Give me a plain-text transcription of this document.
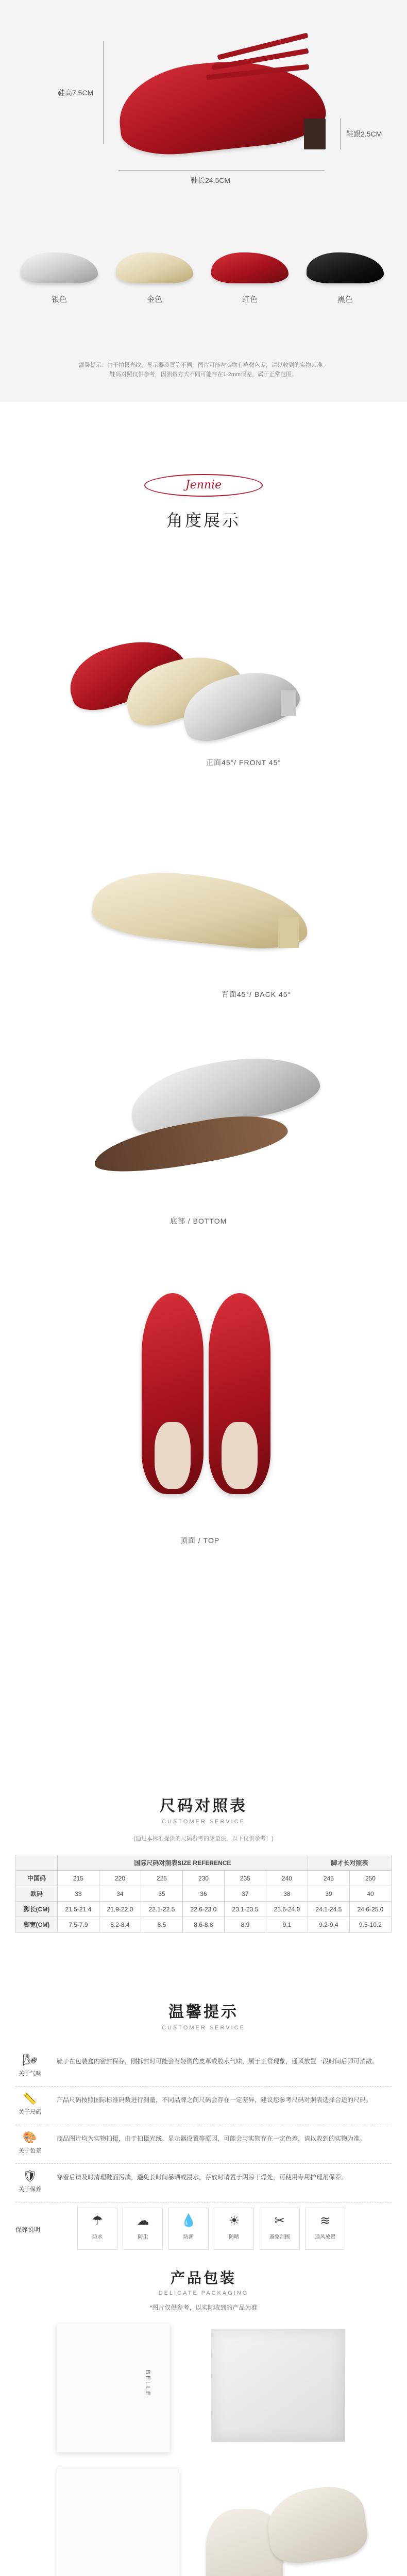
鞋高7.5CM
鞋跟2.5CM
鞋长24.5CM
银色	金色	红色	黑色
温馨提示：由于拍摄光线、显示器设置等不同，图片可能与实物有略微色差，请以收到的实物为准。
鞋码对照仅供参考，因测量方式不同可能存在1-2mm误差，属于正常范围。
Jennie
角度展示
正面45°/ FRONT 45°
背面45°/ BACK 45°
底部 / BOTTOM
顶面 / TOP
尺码对照表
CUSTOMER SERVICE
(通过本标准提供的尺码参考的测量法，以下仅供参考！)
	国际尺码对照表SIZE REFERENCE						脚才长对照表	
中国码	215	220	225	230	235	240	245	250
欧码	33	34	35	36	37	38	39	40
脚长(CM)	21.5-21.4	21.9-22.0	22.1-22.5	22.6-23.0	23.1-23.5	23.6-24.0	24.1-24.5	24.6-25.0
脚宽(CM)	7.5-7.9	8.2-8.4	8.5	8.6-8.8	8.9	9.1	9.2-9.4	9.5-10.2
温馨提示
CUSTOMER SERVICE
🌬
关于气味
鞋子在包装盒内密封保存，刚拆封时可能会有轻微的皮革或胶水气味，属于正常现象，通风放置一段时间后即可消散。
📏
关于尺码
产品尺码按照国际标准码数进行测量，不同品牌之间尺码会存在一定差异，建议您参考尺码对照表选择合适的尺码。
🎨
关于色差
商品图片均为实物拍摄，由于拍摄光线、显示器设置等原因，可能会与实物存在一定色差，请以收到的实物为准。
🛡
关于保养
穿着后请及时清理鞋面污渍，避免长时间暴晒或浸水，存放时请置于阴凉干燥处，可使用专用护理剂保养。
保养说明
☂
防水
☁
防尘
💧
防潮
☀
防晒
✂
避免刮擦
≋
通风放置
产品包装
DELICATE PACKAGING
*图片仅供参考，以实际收到的产品为准
BELLE
